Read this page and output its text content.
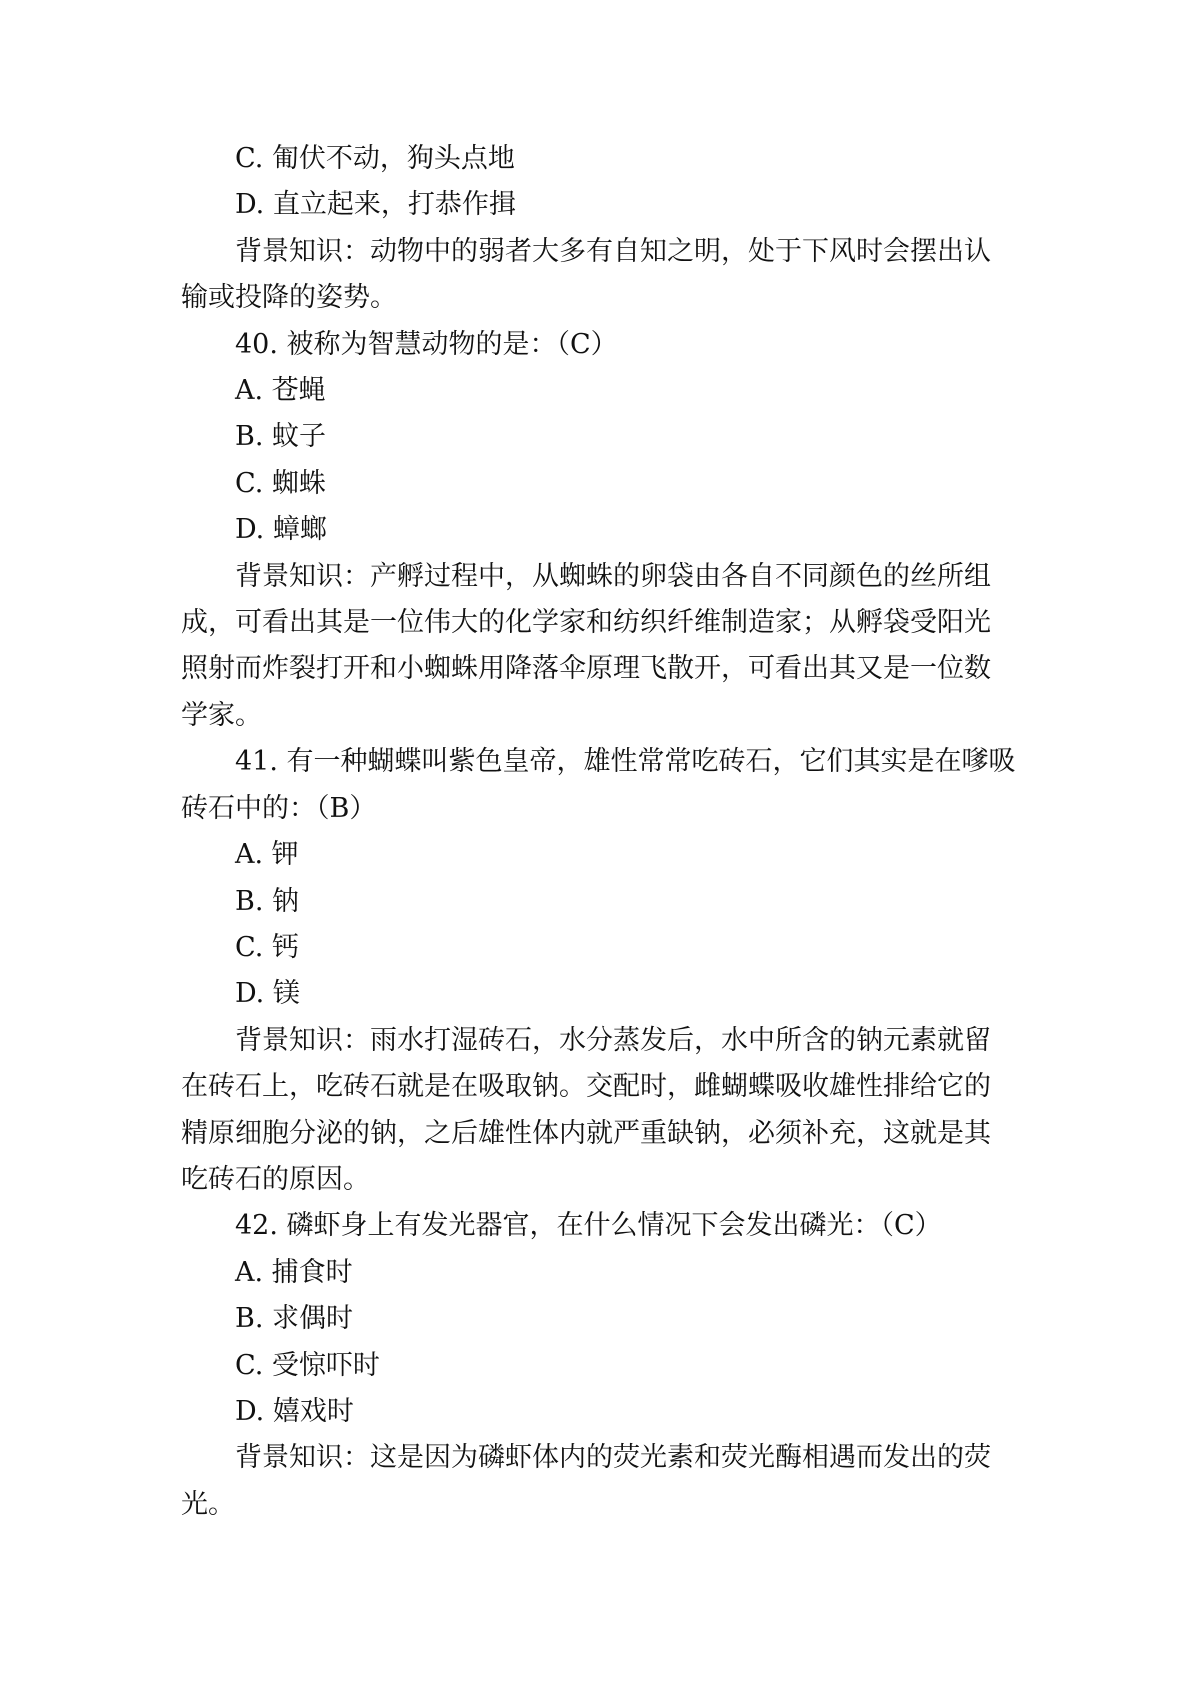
C. 匍伏不动，狗头点地
D. 直立起来，打恭作揖
背景知识：动物中的弱者大多有自知之明，处于下风时会摆出认
输或投降的姿势。
40. 被称为智慧动物的是：（C）
A. 苍蝇
B. 蚊子
C. 蜘蛛
D. 蟑螂
背景知识：产孵过程中，从蜘蛛的卵袋由各自不同颜色的丝所组
成，可看出其是一位伟大的化学家和纺织纤维制造家；从孵袋受阳光
照射而炸裂打开和小蜘蛛用降落伞原理飞散开，可看出其又是一位数
学家。
41. 有一种蝴蝶叫紫色皇帝，雄性常常吃砖石，它们其实是在嗲吸
砖石中的：（B）
A. 钾
B. 钠
C. 钙
D. 镁
背景知识：雨水打湿砖石，水分蒸发后，水中所含的钠元素就留
在砖石上，吃砖石就是在吸取钠。交配时，雌蝴蝶吸收雄性排给它的
精原细胞分泌的钠，之后雄性体内就严重缺钠，必须补充，这就是其
吃砖石的原因。
42. 磷虾身上有发光器官，在什么情况下会发出磷光：（C）
A. 捕食时
B. 求偶时
C. 受惊吓时
D. 嬉戏时
背景知识：这是因为磷虾体内的荧光素和荧光酶相遇而发出的荧
光。
